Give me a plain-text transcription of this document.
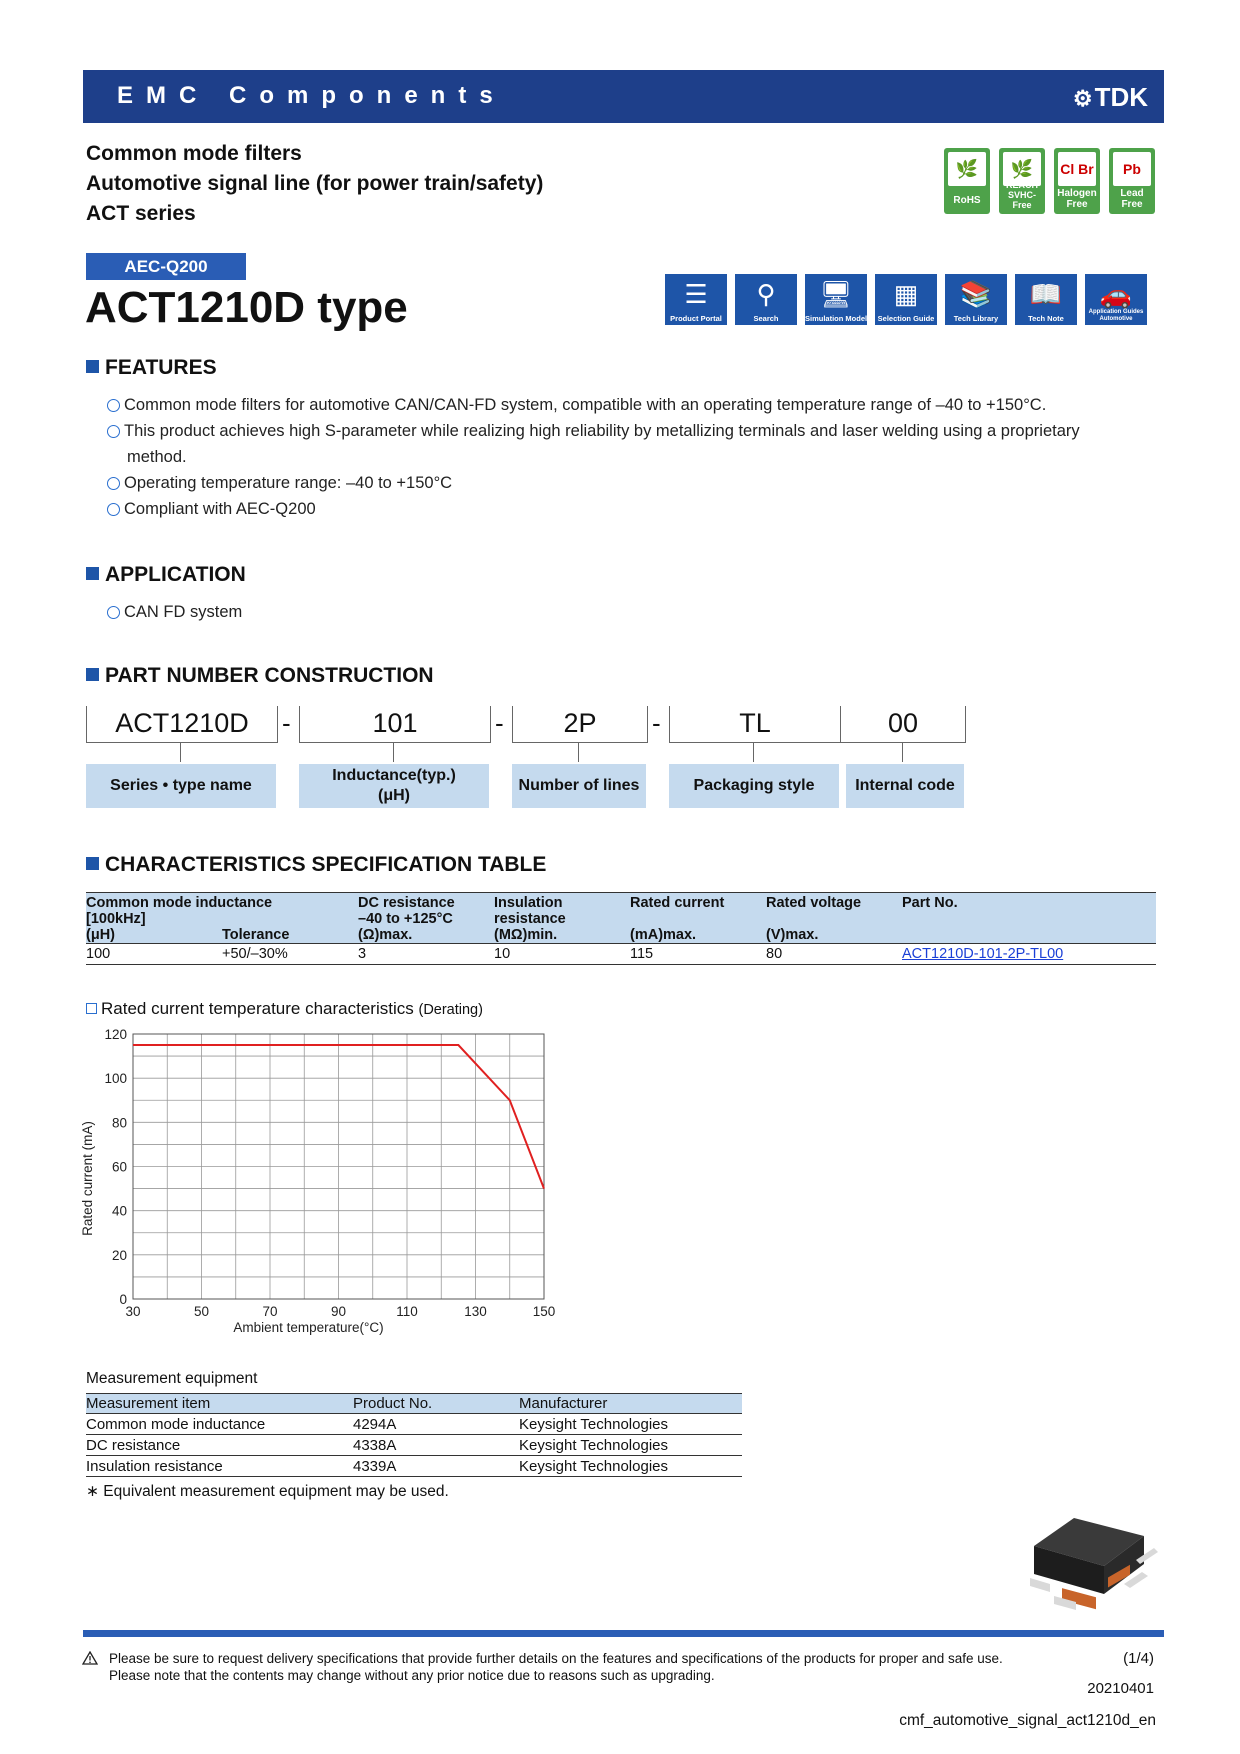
EMC Components	⚙TDK
Common mode filters
Automotive signal line (for power train/safety)
ACT series
🌿
RoHS
🌿
REACH SVHC-Free
Cl Br
Halogen Free
Pb
Lead Free
AEC-Q200
ACT1210D type	☰
Product Portal
⚲
Search
🖥
Simulation Model
▦
Selection Guide
📚
Tech Library
📖
Tech Note
🚗
Application Guides Automotive
FEATURES
Common mode filters for automotive CAN/CAN-FD system, compatible with an operating temperature range of –40 to +150°C.
This product achieves high S-parameter while realizing high reliability by metallizing terminals and laser welding using a proprietary
method.
Operating temperature range: –40 to +150°C
Compliant with AEC-Q200
APPLICATION
CAN FD system
PART NUMBER CONSTRUCTION
ACT1210D	-	101	-	2P	-	TL	00
Series • type name
Inductance(typ.)
(μH)
Number of lines	Packaging style	Internal code
CHARACTERISTICS SPECIFICATION TABLE
Common mode inductance		DC resistance	Insulation	Rated current	Rated voltage	Part No.
[100kHz]		–40 to +125°C	resistance			
(μH)	Tolerance	(Ω)max.	(MΩ)min.	(mA)max.	(V)max.	
100	+50/–30%	3	10	115	80	ACT1210D-101-2P-TL00
Rated current temperature characteristics (Derating)
30	50	70	90	110	130	150
0
20
40
60
80
100
120
Ambient temperature(°C)
Rated current (mA)
Measurement equipment
Measurement item	Product No.	Manufacturer
Common mode inductance	4294A	Keysight Technologies
DC resistance	4338A	Keysight Technologies
Insulation resistance	4339A	Keysight Technologies
∗ Equivalent measurement equipment may be used.
Please be sure to request delivery specifications that provide further details on the features and specifications of the products for proper and safe use.
Please note that the contents may change without any prior notice due to reasons such as upgrading.
(1/4)
20210401
cmf_automotive_signal_act1210d_en
